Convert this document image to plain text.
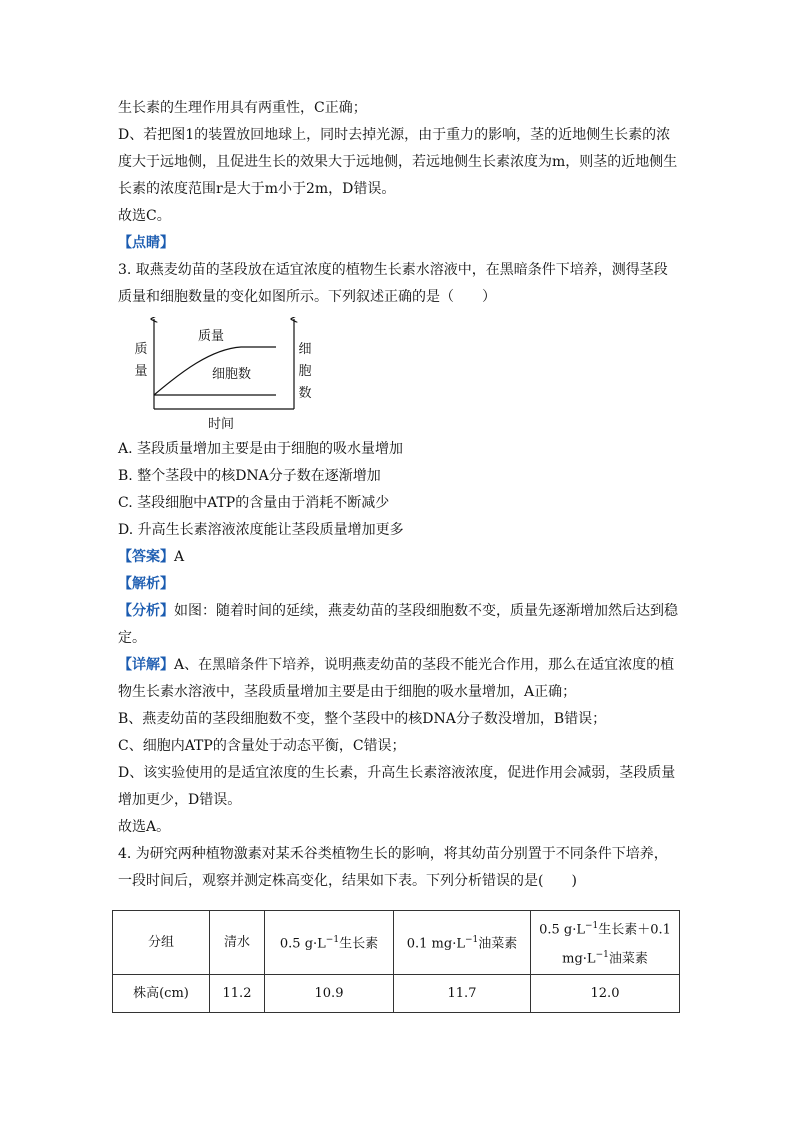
生长素的生理作用具有两重性，C正确；
D、若把图1的装置放回地球上，同时去掉光源，由于重力的影响，茎的近地侧生长素的浓
度大于远地侧，且促进生长的效果大于远地侧，若远地侧生长素浓度为m，则茎的近地侧生
长素的浓度范围r是大于m小于2m，D错误。
故选C。
【点睛】
3. 取燕麦幼苗的茎段放在适宜浓度的植物生长素水溶液中，在黑暗条件下培养，测得茎段
质量和细胞数量的变化如图所示。下列叙述正确的是（　　）
质
量
细
胞
数
质量
细胞数
时间
A. 茎段质量增加主要是由于细胞的吸水量增加
B. 整个茎段中的核DNA分子数在逐渐增加
C. 茎段细胞中ATP的含量由于消耗不断减少
D. 升高生长素溶液浓度能让茎段质量增加更多
【答案】A
【解析】
【分析】如图：随着时间的延续，燕麦幼苗的茎段细胞数不变，质量先逐渐增加然后达到稳
定。
【详解】A、在黑暗条件下培养，说明燕麦幼苗的茎段不能光合作用，那么在适宜浓度的植
物生长素水溶液中，茎段质量增加主要是由于细胞的吸水量增加，A正确；
B、燕麦幼苗的茎段细胞数不变，整个茎段中的核DNA分子数没增加，B错误；
C、细胞内ATP的含量处于动态平衡，C错误；
D、该实验使用的是适宜浓度的生长素，升高生长素溶液浓度，促进作用会减弱，茎段质量
增加更少，D错误。
故选A。
4. 为研究两种植物激素对某禾谷类植物生长的影响，将其幼苗分别置于不同条件下培养，
一段时间后，观察并测定株高变化，结果如下表。下列分析错误的是(　　)
分组	清水	0.5 $g\cdot L^{-1}$生长素	0.1 $mg\cdot L^{-1}$油菜素	0.5 $g\cdot L^{-1}$生长素＋0.1
$mg\cdot L^{-1}$油菜素

株高(cm)	11.2	10.9	11.7	12.0
